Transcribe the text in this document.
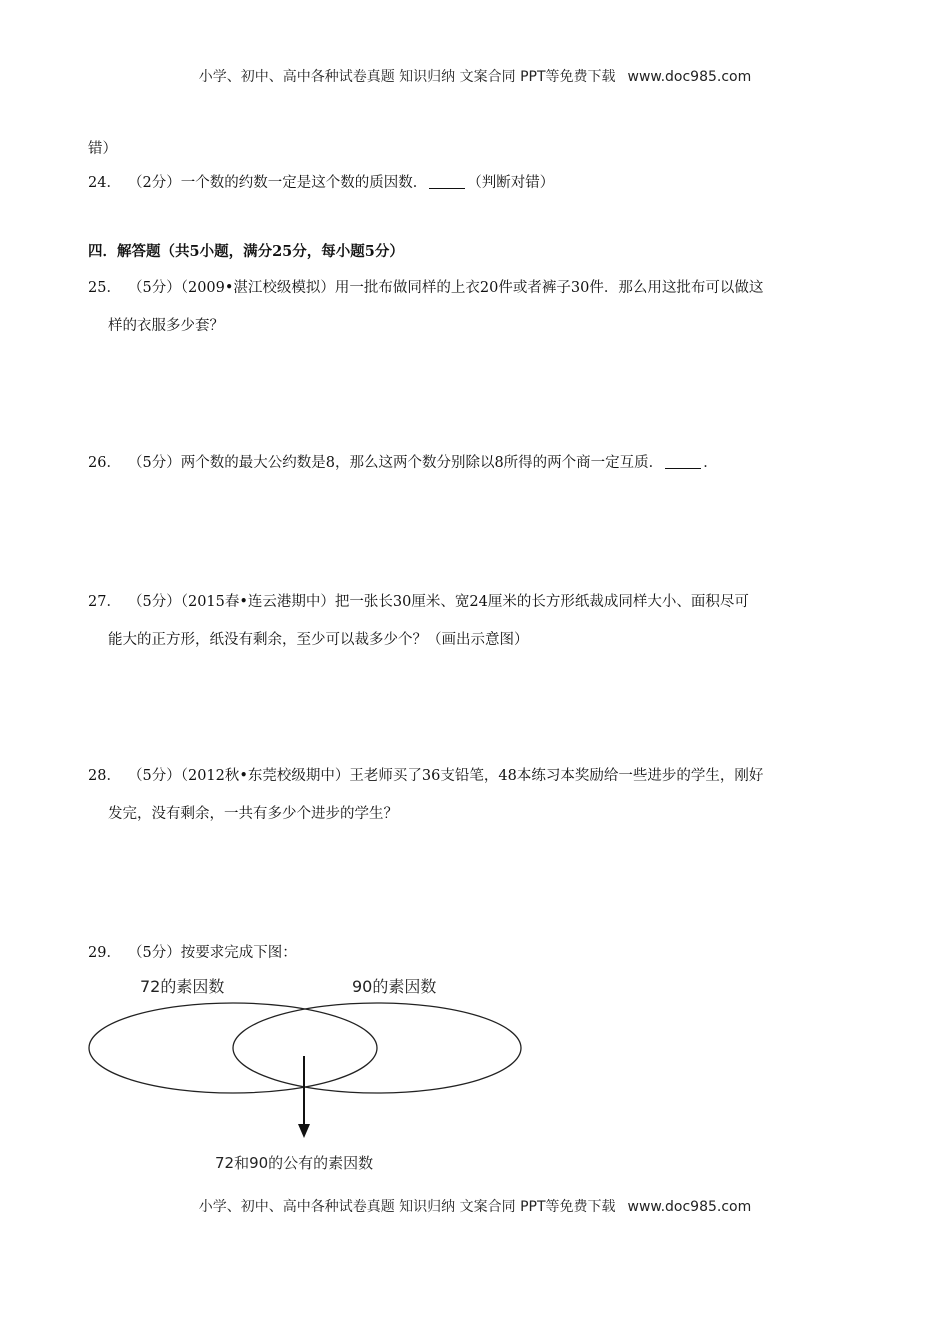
小学、初中、高中各种试卷真题 知识归纳 文案合同 PPT等免费下载 www.doc985.com
错）
24． （2分）一个数的约数一定是这个数的质因数．	（判断对错）
四．解答题（共5小题，满分25分，每小题5分）
25． （5分）（2009•湛江校级模拟）用一批布做同样的上衣20件或者裤子30件．那么用这批布可以做这
样的衣服多少套？
26． （5分）两个数的最大公约数是8，那么这两个数分别除以8所得的两个商一定互质．	．
27． （5分）（2015春•连云港期中）把一张长30厘米、宽24厘米的长方形纸裁成同样大小、面积尽可
能大的正方形，纸没有剩余，至少可以裁多少个？（画出示意图）
28． （5分）（2012秋•东莞校级期中）王老师买了36支铅笔，48本练习本奖励给一些进步的学生，刚好
发完，没有剩余，一共有多少个进步的学生？
29． （5分）按要求完成下图：
72的素因数	90的素因数
72和90的公有的素因数
小学、初中、高中各种试卷真题 知识归纳 文案合同 PPT等免费下载 www.doc985.com
